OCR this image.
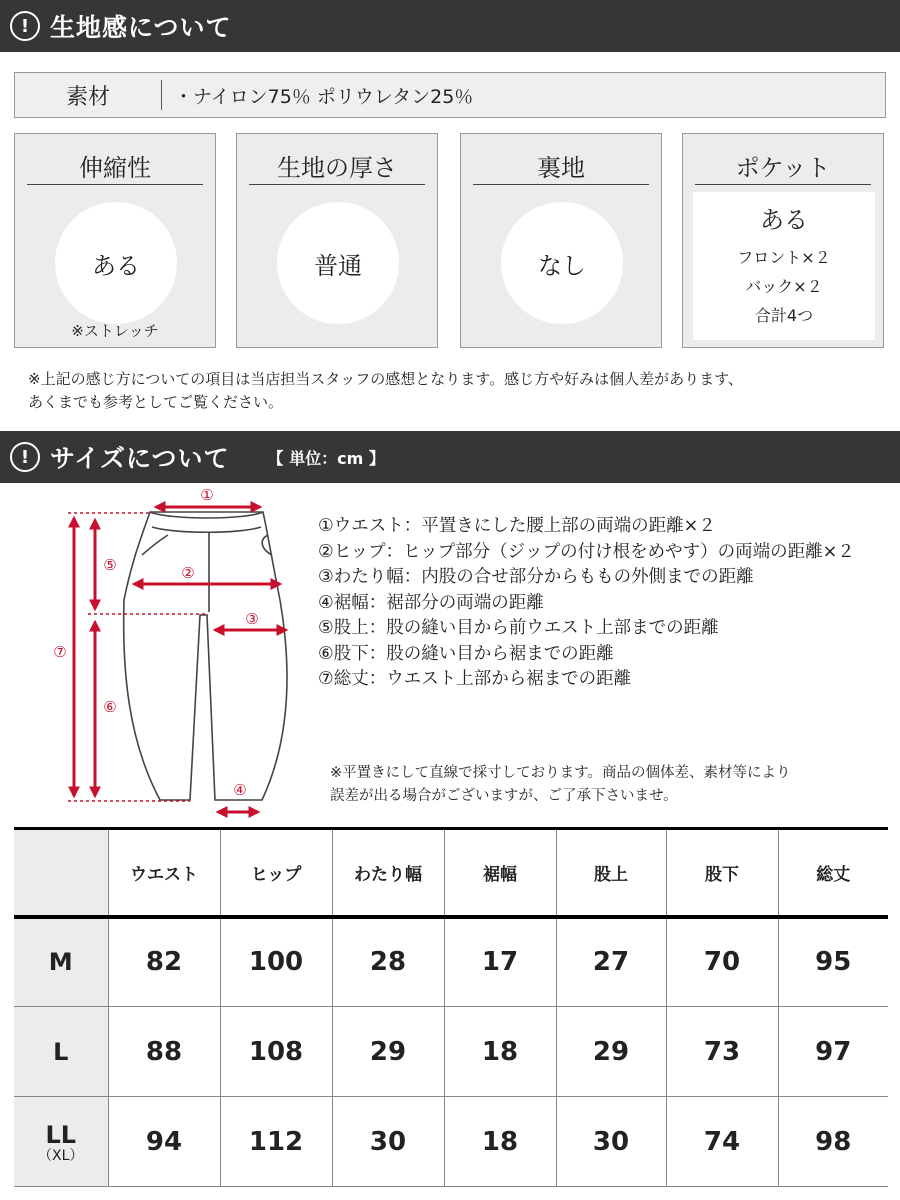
! 生地感について
素材	・ナイロン75％ ポリウレタン25％
伸縮性
ある
※ストレッチ
生地の厚さ
普通
裏地
なし
ポケット
ある
フロント×２
バック×２
合計4つ
※上記の感じ方についての項目は当店担当スタッフの感想となります。感じ方や好みは個人差があります、
あくまでも参考としてご覧ください。
! サイズについて 【 単位：cm 】
①
②
③
④
⑤
⑥
⑦
①ウエスト：平置きにした腰上部の両端の距離×２
②ヒップ：ヒップ部分（ジップの付け根をめやす）の両端の距離×２
③わたり幅：内股の合せ部分からももの外側までの距離
④裾幅：裾部分の両端の距離
⑤股上：股の縫い目から前ウエスト上部までの距離
⑥股下：股の縫い目から裾までの距離
⑦総丈：ウエスト上部から裾までの距離
※平置きにして直線で採寸しております。商品の個体差、素材等により
誤差が出る場合がございますが、ご了承下さいませ。
	ウエスト	ヒップ	わたり幅	裾幅	股上	股下	総丈
M	82	100	28	17	27	70	95
L	88	108	29	18	29	73	97
LL
（XL）	94	112	30	18	30	74	98
